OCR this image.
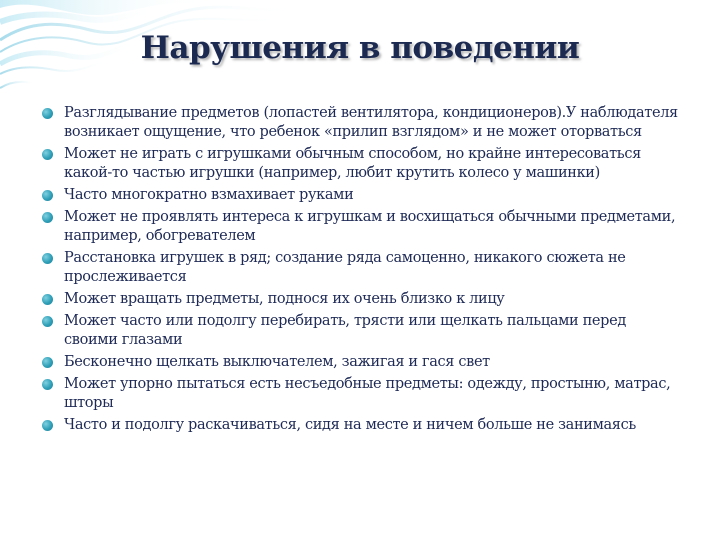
Нарушения в поведении
Разглядывание предметов (лопастей вентилятора, кондиционеров).У наблюдателя возникает ощущение, что ребенок «прилип взглядом» и не может оторваться
Может не играть с игрушками обычным способом, но крайне интересоваться какой-то частью игрушки (например, любит крутить колесо у машинки)
Часто многократно взмахивает руками
Может не проявлять интереса к игрушкам и восхищаться обычными предметами, например, обогревателем
Расстановка игрушек в ряд; создание ряда самоценно, никакого сюжета не прослеживается
Может вращать предметы, поднося их очень близко к лицу
Может часто или подолгу перебирать, трясти или щелкать пальцами перед своими глазами
Бесконечно щелкать выключателем, зажигая и гася свет
Может упорно пытаться есть несъедобные предметы: одежду, простыню, матрас, шторы
Часто и подолгу раскачиваться, сидя на месте и ничем больше не занимаясь
